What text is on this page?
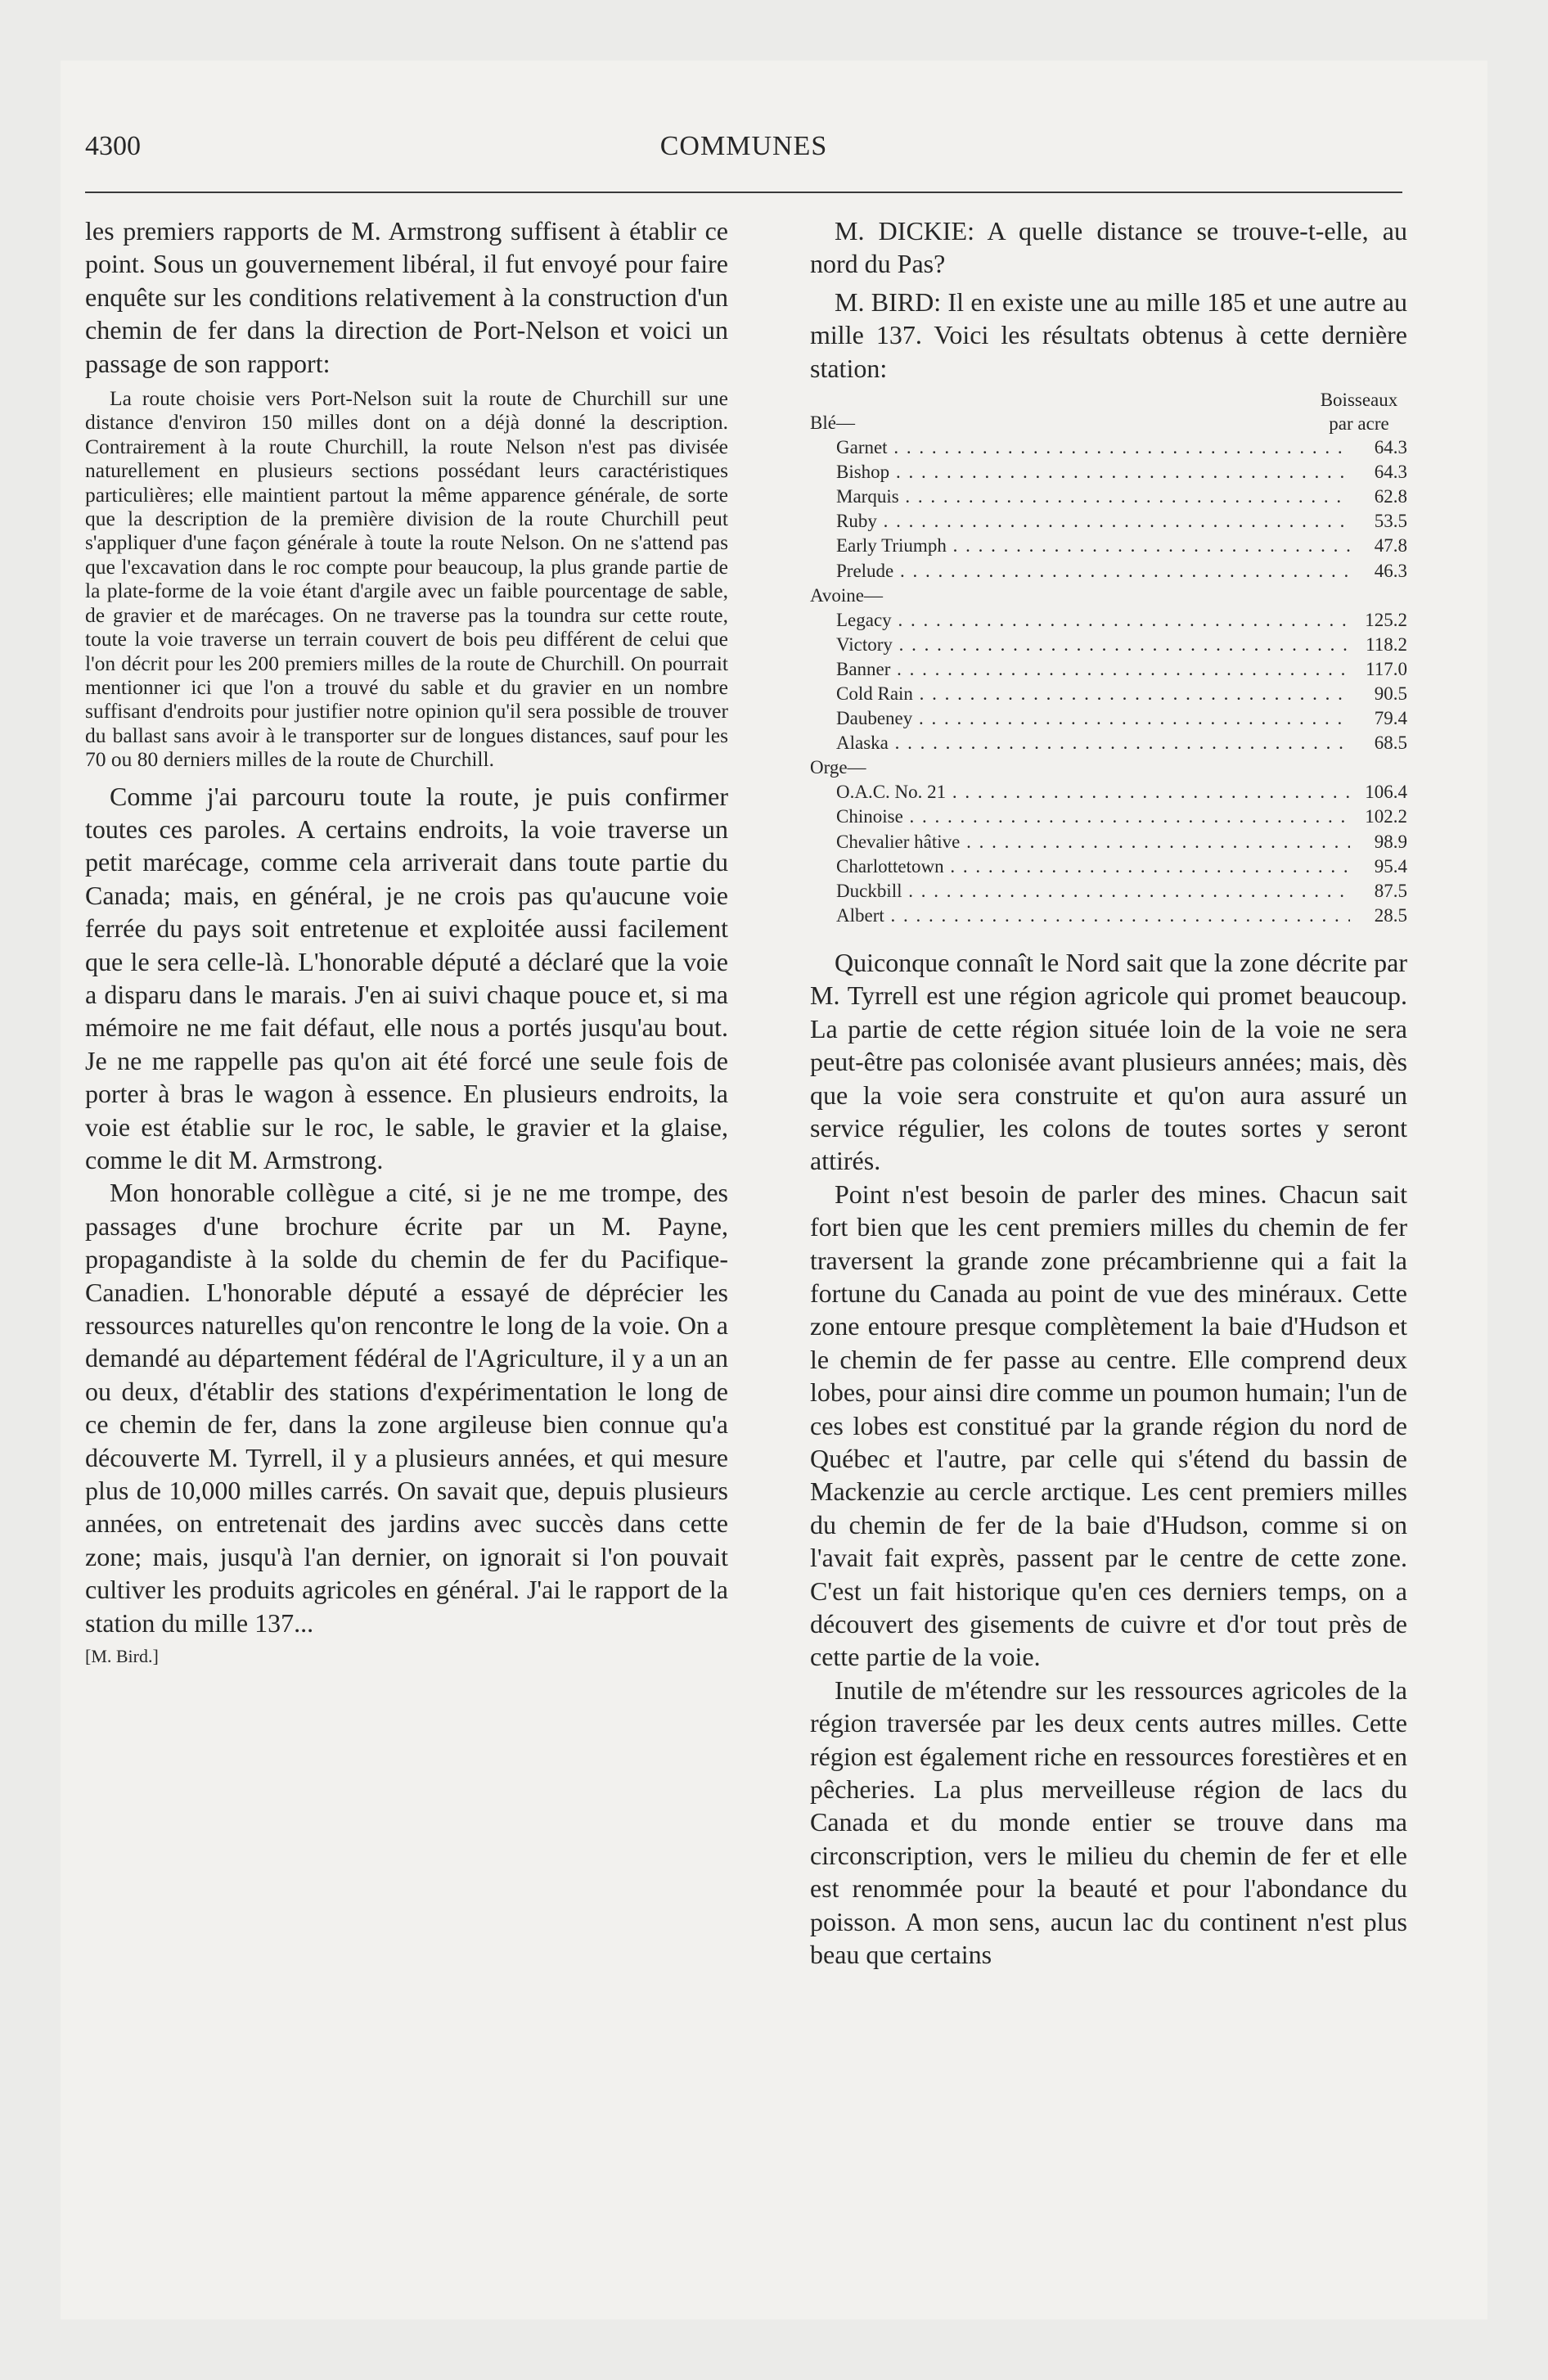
4300	COMMUNES

les premiers rapports de M. Armstrong suffisent à établir ce point. Sous un gouvernement libéral, il fut envoyé pour faire enquête sur les conditions relativement à la construction d'un chemin de fer dans la direction de Port-Nelson et voici un passage de son rapport:

La route choisie vers Port-Nelson suit la route de Churchill sur une distance d'environ 150 milles dont on a déjà donné la description. Contrairement à la route Churchill, la route Nelson n'est pas divisée naturellement en plusieurs sections possédant leurs caractéristiques particulières; elle maintient partout la même apparence générale, de sorte que la description de la première division de la route Churchill peut s'appliquer d'une façon générale à toute la route Nelson. On ne s'attend pas que l'excavation dans le roc compte pour beaucoup, la plus grande partie de la plate-forme de la voie étant d'argile avec un faible pourcentage de sable, de gravier et de marécages. On ne traverse pas la toundra sur cette route, toute la voie traverse un terrain couvert de bois peu différent de celui que l'on décrit pour les 200 premiers milles de la route de Churchill. On pourrait mentionner ici que l'on a trouvé du sable et du gravier en un nombre suffisant d'endroits pour justifier notre opinion qu'il sera possible de trouver du ballast sans avoir à le transporter sur de longues distances, sauf pour les 70 ou 80 derniers milles de la route de Churchill.

Comme j'ai parcouru toute la route, je puis confirmer toutes ces paroles. A certains endroits, la voie traverse un petit marécage, comme cela arriverait dans toute partie du Canada; mais, en général, je ne crois pas qu'aucune voie ferrée du pays soit entretenue et exploitée aussi facilement que le sera celle-là. L'honorable député a déclaré que la voie a disparu dans le marais. J'en ai suivi chaque pouce et, si ma mémoire ne me fait défaut, elle nous a portés jusqu'au bout. Je ne me rappelle pas qu'on ait été forcé une seule fois de porter à bras le wagon à essence. En plusieurs endroits, la voie est établie sur le roc, le sable, le gravier et la glaise, comme le dit M. Armstrong.

Mon honorable collègue a cité, si je ne me trompe, des passages d'une brochure écrite par un M. Payne, propagandiste à la solde du chemin de fer du Pacifique-Canadien. L'honorable député a essayé de déprécier les ressources naturelles qu'on rencontre le long de la voie. On a demandé au département fédéral de l'Agriculture, il y a un an ou deux, d'établir des stations d'expérimentation le long de ce chemin de fer, dans la zone argileuse bien connue qu'a découverte M. Tyrrell, il y a plusieurs années, et qui mesure plus de 10,000 milles carrés. On savait que, depuis plusieurs années, on entretenait des jardins avec succès dans cette zone; mais, jusqu'à l'an dernier, on ignorait si l'on pouvait cultiver les produits agricoles en général. J'ai le rapport de la station du mille 137...

[M. Bird.]

M. DICKIE: A quelle distance se trouve-t-elle, au nord du Pas?

M. BIRD: Il en existe une au mille 185 et une autre au mille 137. Voici les résultats obtenus à cette dernière station:

Blé—
Boisseaux
par acre
Garnet . . .	64.3
Bishop . . .	64.3
Marquis . . .	62.8
Ruby . . .	53.5
Early Triumph . . .	47.8
Prelude . . .	46.3
Avoine—
Legacy . . .	125.2
Victory . . .	118.2
Banner . . .	117.0
Cold Rain . . .	90.5
Daubeney . . .	79.4
Alaska . . .	68.5
Orge—
O.A.C. No. 21 . . .	106.4
Chinoise . . .	102.2
Chevalier hâtive . . .	98.9
Charlottetown . . .	95.4
Duckbill . . .	87.5
Albert . . .	28.5

Quiconque connaît le Nord sait que la zone décrite par M. Tyrrell est une région agricole qui promet beaucoup. La partie de cette région située loin de la voie ne sera peut-être pas colonisée avant plusieurs années; mais, dès que la voie sera construite et qu'on aura assuré un service régulier, les colons de toutes sortes y seront attirés.

Point n'est besoin de parler des mines. Chacun sait fort bien que les cent premiers milles du chemin de fer traversent la grande zone précambrienne qui a fait la fortune du Canada au point de vue des minéraux. Cette zone entoure presque complètement la baie d'Hudson et le chemin de fer passe au centre. Elle comprend deux lobes, pour ainsi dire comme un poumon humain; l'un de ces lobes est constitué par la grande région du nord de Québec et l'autre, par celle qui s'étend du bassin de Mackenzie au cercle arctique. Les cent premiers milles du chemin de fer de la baie d'Hudson, comme si on l'avait fait exprès, passent par le centre de cette zone. C'est un fait historique qu'en ces derniers temps, on a découvert des gisements de cuivre et d'or tout près de cette partie de la voie.

Inutile de m'étendre sur les ressources agricoles de la région traversée par les deux cents autres milles. Cette région est également riche en ressources forestières et en pêcheries. La plus merveilleuse région de lacs du Canada et du monde entier se trouve dans ma circonscription, vers le milieu du chemin de fer et elle est renommée pour la beauté et pour l'abondance du poisson. A mon sens, aucun lac du continent n'est plus beau que certains
